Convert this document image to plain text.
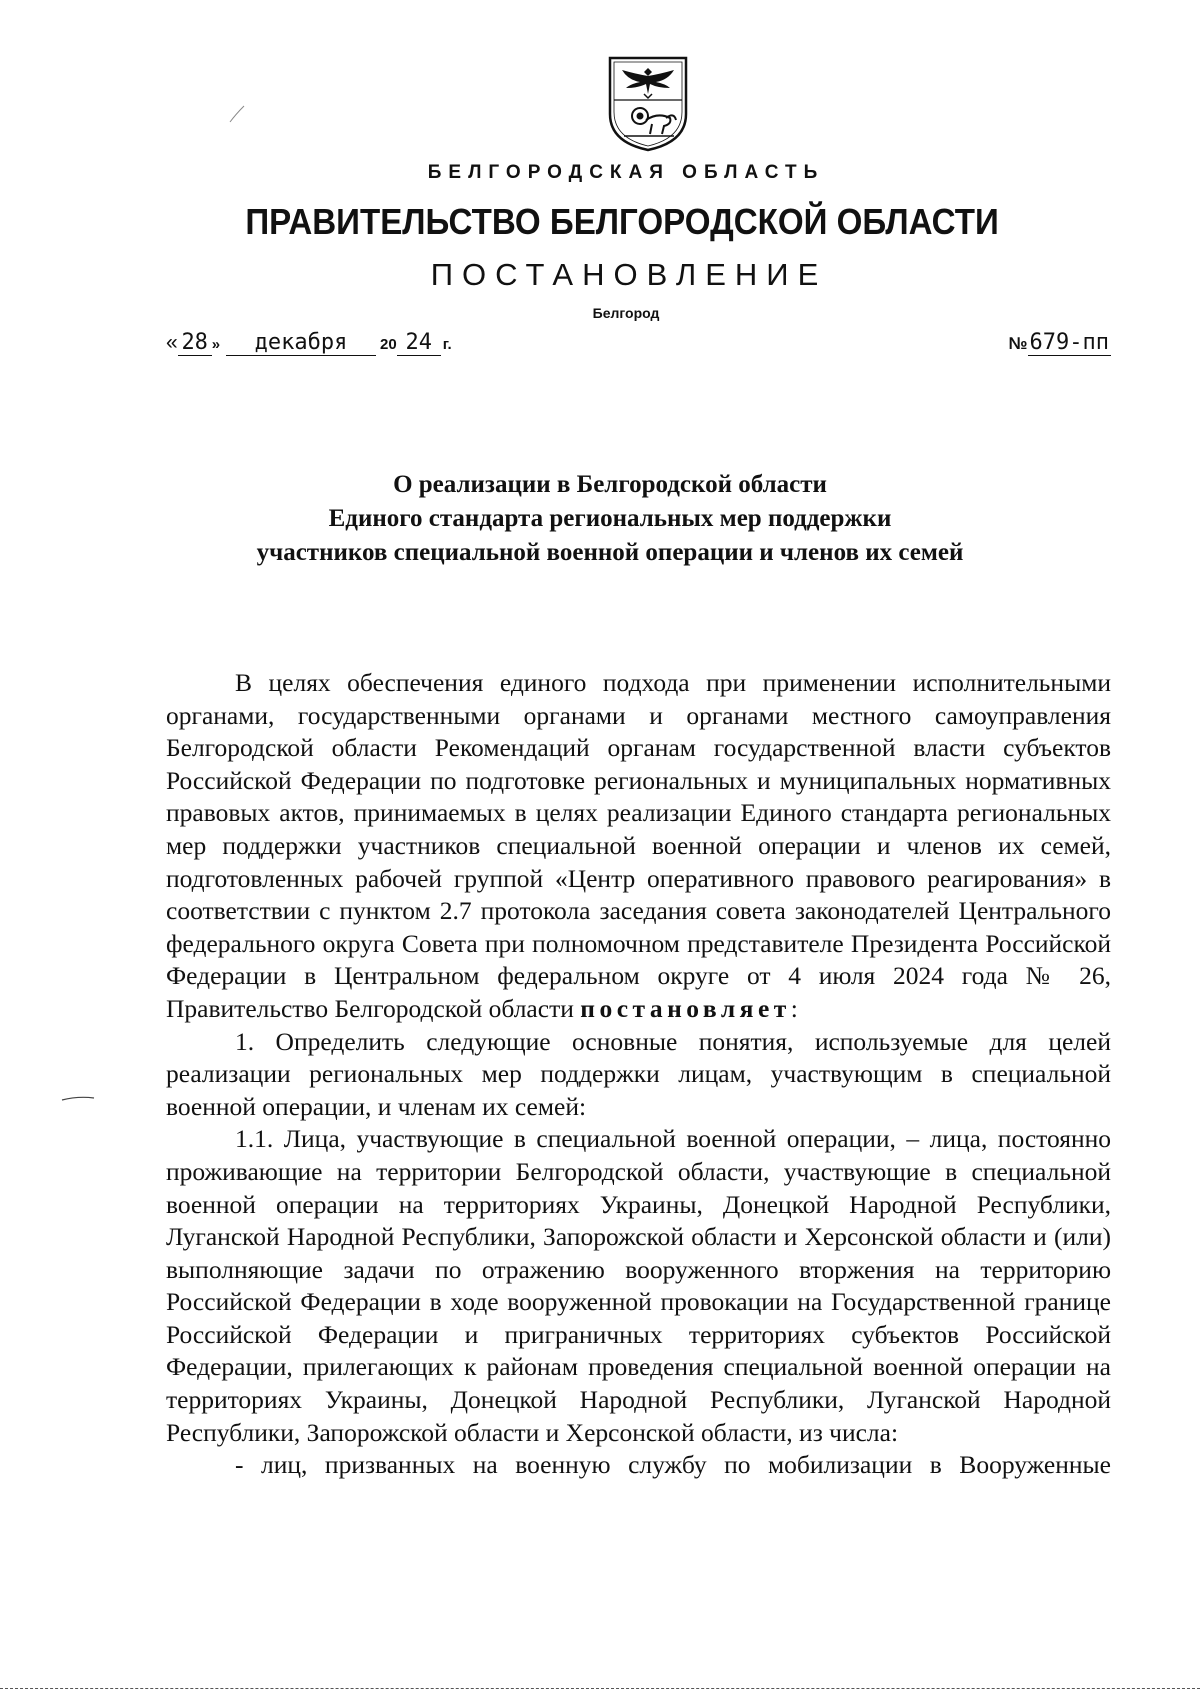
БЕЛГОРОДСКАЯ ОБЛАСТЬ
ПРАВИТЕЛЬСТВО БЕЛГОРОДСКОЙ ОБЛАСТИ
ПОСТАНОВЛЕНИЕ
Белгород
« 28 » декабря 20 24 г.	№679-пп
О реализации в Белгородской области
Единого стандарта региональных мер поддержки
участников специальной военной операции и членов их семей

В целях обеспечения единого подхода при применении исполнительными органами, государственными органами и органами местного самоуправления Белгородской области Рекомендаций органам государственной власти субъектов Российской Федерации по подготовке региональных и муниципальных нормативных правовых актов, принимаемых в целях реализации Единого стандарта региональных мер поддержки участников специальной военной операции и членов их семей, подготовленных рабочей группой «Центр оперативного правового реагирования» в соответствии с пунктом 2.7 протокола заседания совета законодателей Центрального федерального округа Совета при полномочном представителе Президента Российской Федерации в Центральном федеральном округе от 4 июля 2024 года № 26, Правительство Белгородской области постановляет:

1. Определить следующие основные понятия, используемые для целей реализации региональных мер поддержки лицам, участвующим в специальной военной операции, и членам их семей:

1.1. Лица, участвующие в специальной военной операции, – лица, постоянно проживающие на территории Белгородской области, участвующие в специальной военной операции на территориях Украины, Донецкой Народной Республики, Луганской Народной Республики, Запорожской области и Херсонской области и (или) выполняющие задачи по отражению вооруженного вторжения на территорию Российской Федерации в ходе вооруженной провокации на Государственной границе Российской Федерации и приграничных территориях субъектов Российской Федерации, прилегающих к районам проведения специальной военной операции на территориях Украины, Донецкой Народной Республики, Луганской Народной Республики, Запорожской области и Херсонской области, из числа:

- лиц, призванных на военную службу по мобилизации в Вооруженные
